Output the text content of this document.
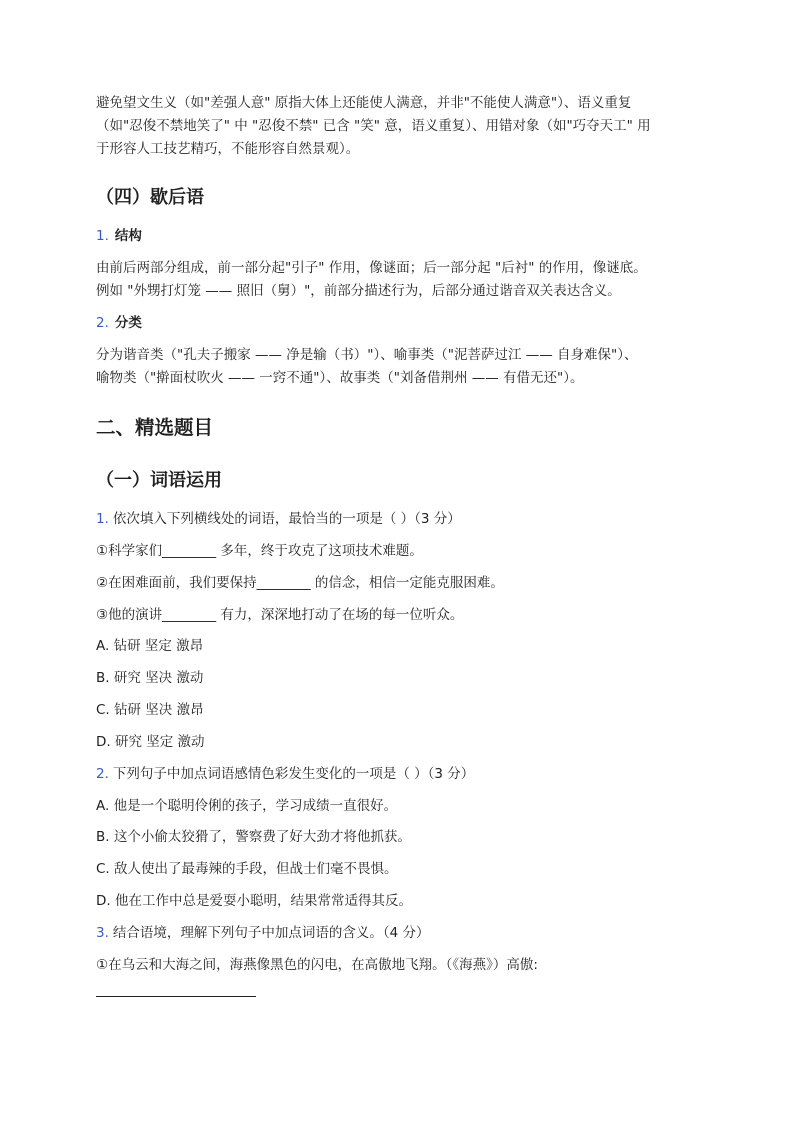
避免望文生义（如"差强人意" 原指大体上还能使人满意，并非"不能使人满意"）、语义重复
（如"忍俊不禁地笑了" 中 "忍俊不禁" 已含 "笑" 意，语义重复）、用错对象（如"巧夺天工" 用
于形容人工技艺精巧，不能形容自然景观）。
（四）歇后语
1. 结构
由前后两部分组成，前一部分起"引子" 作用，像谜面；后一部分起 "后衬" 的作用，像谜底。
例如 "外甥打灯笼 —— 照旧（舅）"，前部分描述行为，后部分通过谐音双关表达含义。
2. 分类
分为谐音类（"孔夫子搬家 —— 净是输（书）"）、喻事类（"泥菩萨过江 —— 自身难保"）、
喻物类（"擀面杖吹火 —— 一窍不通"）、故事类（"刘备借荆州 —— 有借无还"）。
二、精选题目
（一）词语运用
1. 依次填入下列横线处的词语，最恰当的一项是（ ）（3 分）
①科学家们________ 多年，终于攻克了这项技术难题。
②在困难面前，我们要保持________ 的信念，相信一定能克服困难。
③他的演讲________ 有力，深深地打动了在场的每一位听众。
A. 钻研 坚定 激昂
B. 研究 坚决 激动
C. 钻研 坚决 激昂
D. 研究 坚定 激动
2. 下列句子中加点词语感情色彩发生变化的一项是（ ）（3 分）
A. 他是一个聪明伶俐的孩子，学习成绩一直很好。
B. 这个小偷太狡猾了，警察费了好大劲才将他抓获。
C. 敌人使出了最毒辣的手段，但战士们毫不畏惧。
D. 他在工作中总是爱耍小聪明，结果常常适得其反。
3. 结合语境，理解下列句子中加点词语的含义。（4 分）
①在乌云和大海之间，海燕像黑色的闪电，在高傲地飞翔。（《海燕》）高傲:
